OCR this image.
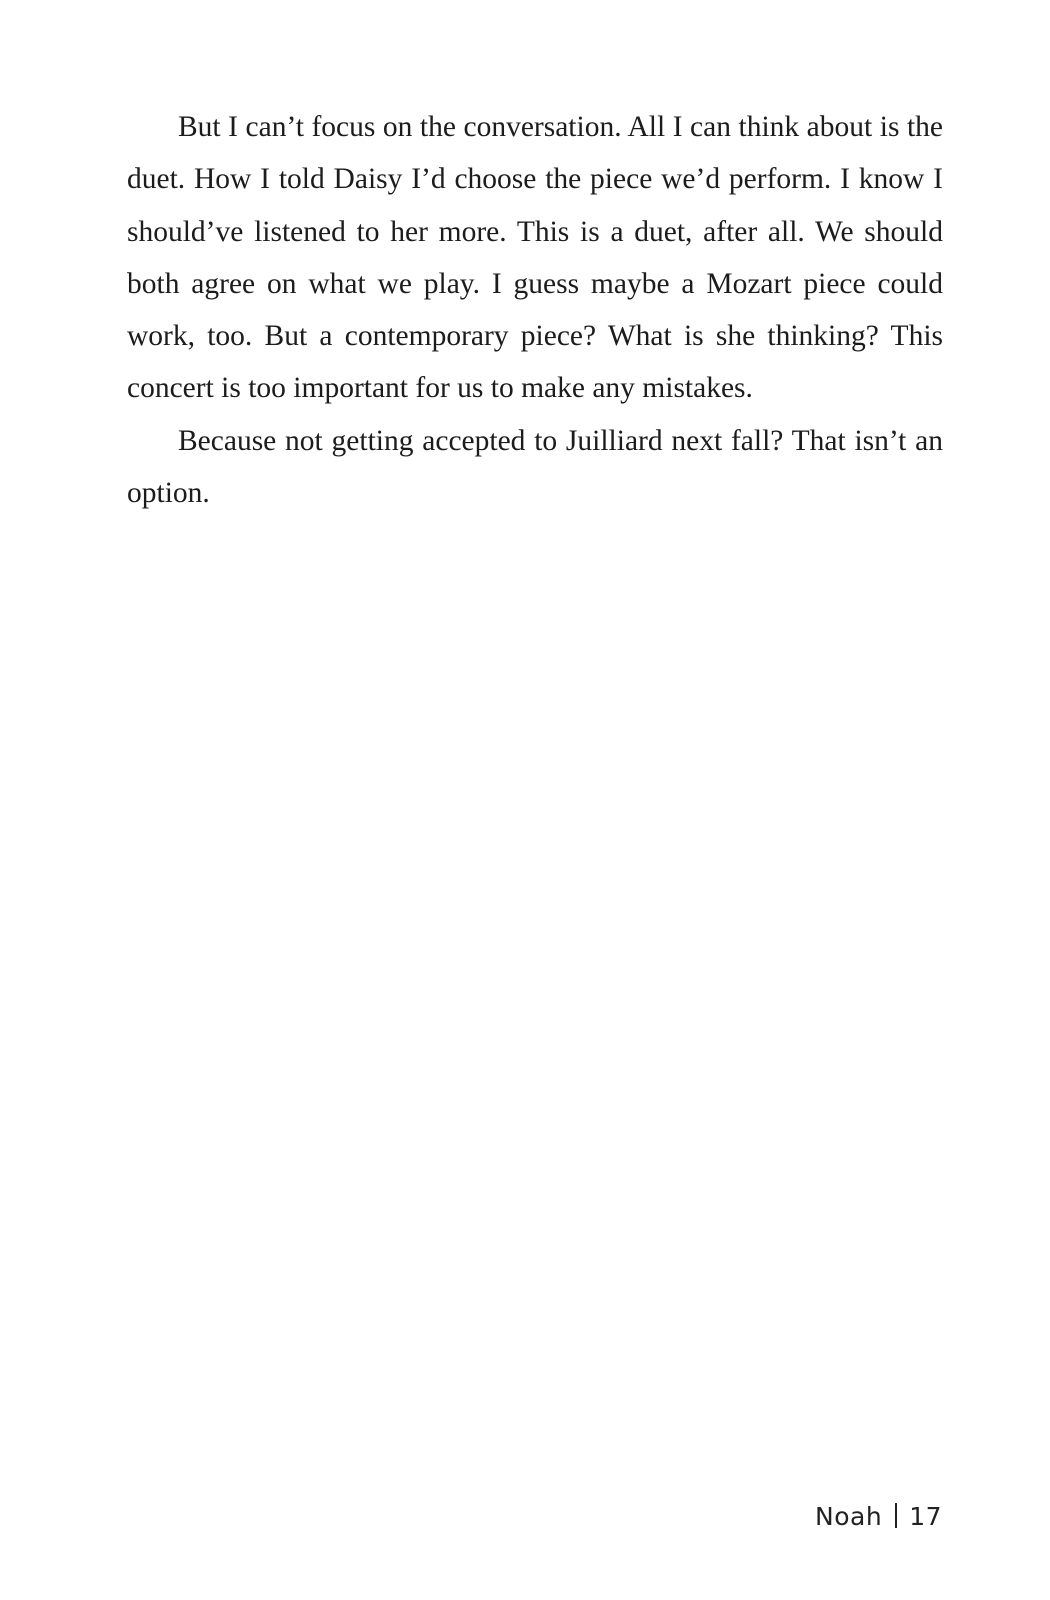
But I can’t focus on the conversation. All I can think about is the duet. How I told Daisy I’d choose the piece we’d perform. I know I should’ve listened to her more. This is a duet, after all. We should both agree on what we play. I guess maybe a Mozart piece could work, too. But a contemporary piece? What is she thinking? This concert is too important for us to make any mistakes.

Because not getting accepted to Juilliard next fall? That isn’t an option.

Noah 17
